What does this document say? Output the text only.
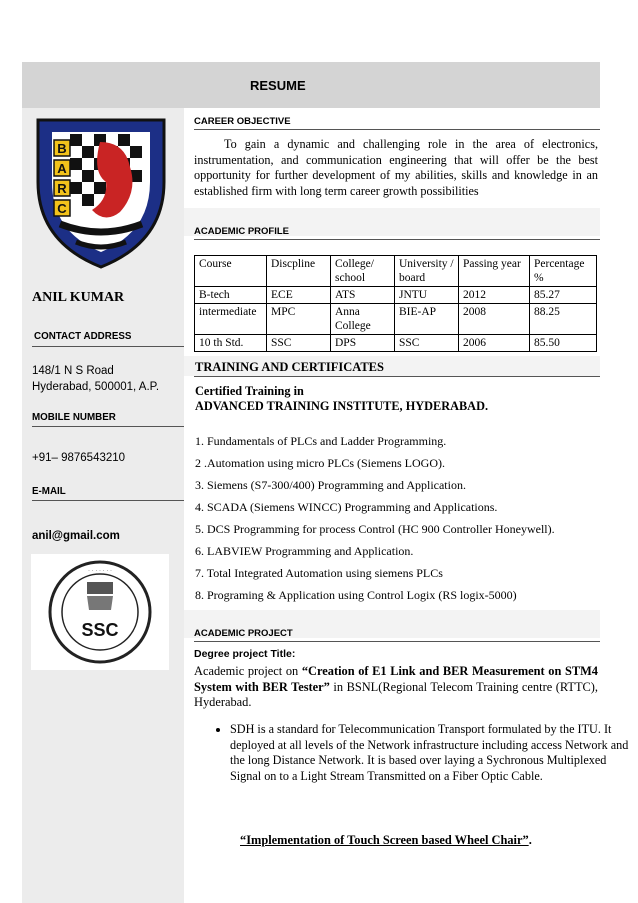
RESUME
B
A
R
C
ANIL KUMAR
CONTACT ADDRESS
148/1 N S Road
Hyderabad, 500001, A.P.
MOBILE NUMBER
+91– 9876543210
E-MAIL
anil@gmail.com
· · · · · · ·
SSC
CAREER OBJECTIVE
To gain a dynamic and challenging role in the area of electronics, instrumentation, and communication engineering that will offer be the best opportunity for further development of my abilities, skills and knowledge in an established firm with long term career growth possibilities
ACADEMIC PROFILE
Course	Discpline	College/ school	University / board	Passing year	Percentage %
B-tech	ECE	ATS	JNTU	2012	85.27
intermediate	MPC	Anna College	BIE-AP	2008	88.25
10 th Std.	SSC	DPS	SSC	2006	85.50
TRAINING AND CERTIFICATES
Certified Training in
ADVANCED TRAINING INSTITUTE, HYDERABAD.
1. Fundamentals of PLCs and Ladder Programming.
2 .Automation using micro PLCs (Siemens LOGO).
3. Siemens (S7-300/400) Programming and Application.
4. SCADA (Siemens WINCC) Programming and Applications.
5. DCS Programming for process Control (HC 900 Controller Honeywell).
6. LABVIEW Programming and Application.
7. Total Integrated Automation using siemens PLCs
8. Programing & Application using Control Logix (RS logix-5000)
ACADEMIC PROJECT
Degree project Title:
Academic project on “Creation of E1 Link and BER Measurement on STM4 System with BER Tester” in BSNL(Regional Telecom Training centre (RTTC), Hyderabad.
• SDH is a standard for Telecommunication Transport formulated by the ITU. It deployed at all levels of the Network infrastructure including access Network and the long Distance Network. It is based over laying a Sychronous Multiplexed Signal on to a Light Stream Transmitted on a Fiber Optic Cable.
“Implementation of Touch Screen based Wheel Chair”.
